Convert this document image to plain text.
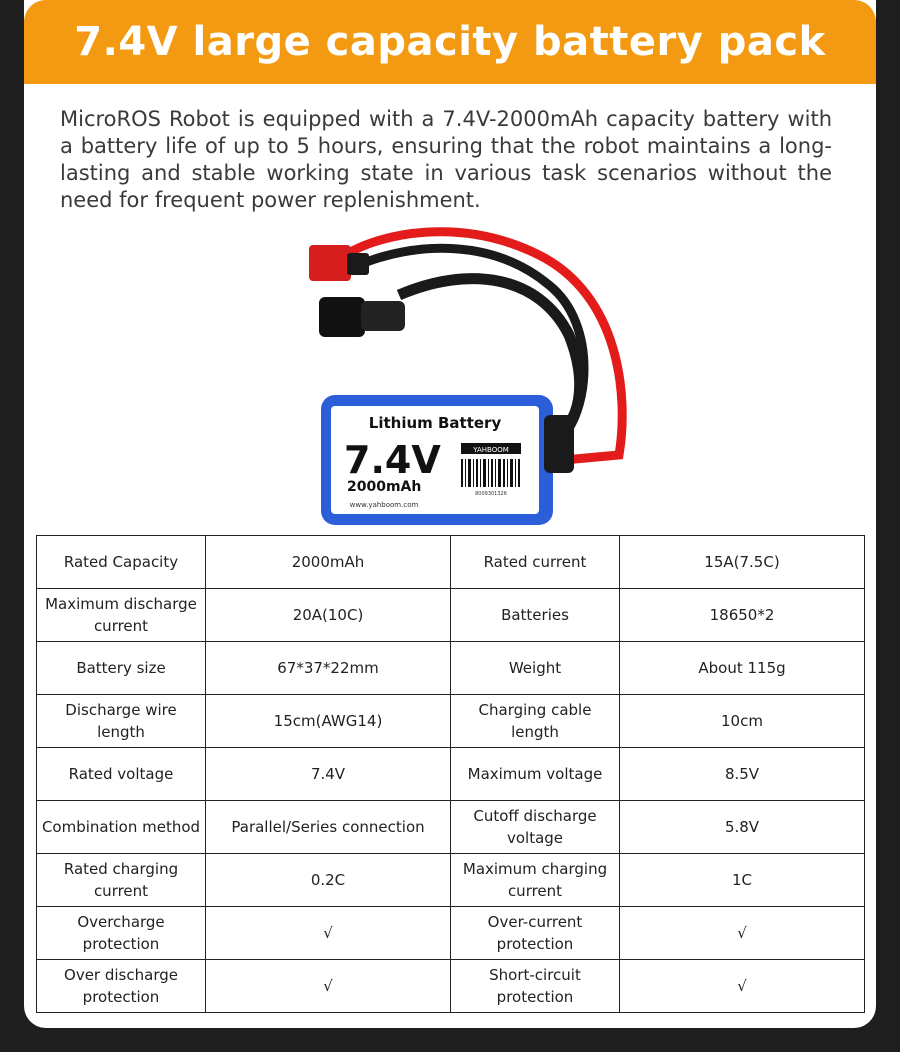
7.4V large capacity battery pack
MicroROS Robot is equipped with a 7.4V-2000mAh capacity battery with a battery life of up to 5 hours, ensuring that the robot maintains a long-lasting and stable working state in various task scenarios without the need for frequent power replenishment.
Lithium Battery
7.4V
2000mAh
YAHBOOM
8009301326
www.yahboom.com
Rated Capacity	2000mAh	Rated current	15A(7.5C)
Maximum discharge current	20A(10C)	Batteries	18650*2
Battery size	67*37*22mm	Weight	About 115g
Discharge wire length	15cm(AWG14)	Charging cable length	10cm
Rated voltage	7.4V	Maximum voltage	8.5V
Combination method	Parallel/Series connection	Cutoff discharge voltage	5.8V
Rated charging current	0.2C	Maximum charging current	1C
Overcharge protection	√	Over-current protection	√
Over discharge protection	√	Short-circuit protection	√
